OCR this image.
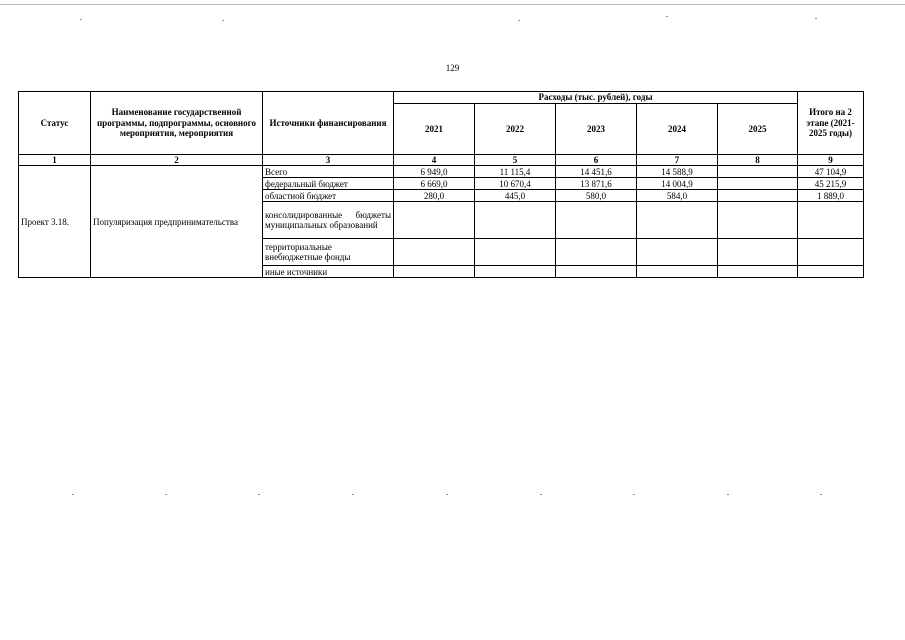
129
Статус	Наименование государственной программы, подпрограммы, основного мероприятия, мероприятия	Источники финансирования	Расходы (тыс. рублей), годы					Итого на 2 этапе (2021-2025 годы)
			2021	2022	2023	2024	2025	
1	2	3	4	5	6	7	8	9
Проект 3.18.	Популяризация предпринимательства	Всего	6 949,0	11 115,4	14 451,6	14 588,9		47 104,9
		федеральный бюджет	6 669,0	10 670,4	13 871,6	14 004,9		45 215,9
		областной бюджет	280,0	445,0	580,0	584,0		1 889,0
		консолидированные бюджеты муниципальных образований						
		территориальные внебюджетные фонды						
		иные источники						
